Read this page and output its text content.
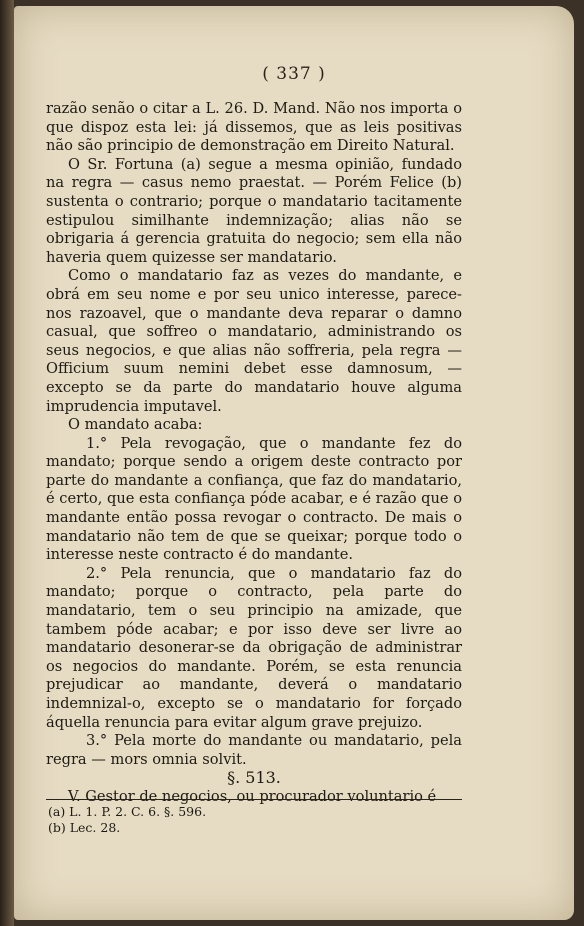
( 337 )

razão senão o citar a L. 26. D. Mand. Não nos importa o que dispoz esta lei: já dissemos, que as leis positivas não são principio de demonstração em Direito Natural.

O Sr. Fortuna (a) segue a mesma opinião, fundado na regra — casus nemo praestat. — Porém Felice (b) sustenta o contrario; porque o mandatario tacitamente estipulou similhante indemnização; alias não se obrigaria á gerencia gratuita do negocio; sem ella não haveria quem quizesse ser mandatario.

Como o mandatario faz as vezes do mandante, e obrá em seu nome e por seu unico interesse, parece-nos razoavel, que o mandante deva reparar o damno casual, que soffreo o mandatario, administrando os seus negocios, e que alias não soffreria, pela regra — Officium suum nemini debet esse damnosum, — excepto se da parte do mandatario houve alguma imprudencia imputavel.

O mandato acaba:

1.° Pela revogação, que o mandante fez do mandato; porque sendo a origem deste contracto por parte do mandante a confiança, que faz do mandatario, é certo, que esta confiança póde acabar, e é razão que o mandante então possa revogar o contracto. De mais o mandatario não tem de que se queixar; porque todo o interesse neste contracto é do mandante.

2.° Pela renuncia, que o mandatario faz do mandato; porque o contracto, pela parte do mandatario, tem o seu principio na amizade, que tambem póde acabar; e por isso deve ser livre ao mandatario desonerar-se da obrigação de administrar os negocios do mandante. Porém, se esta renuncia prejudicar ao mandante, deverá o mandatario indemnizal-o, excepto se o mandatario for forçado áquella renuncia para evitar algum grave prejuizo.

3.° Pela morte do mandante ou mandatario, pela regra — mors omnia solvit.

§. 513.

V. Gestor de negocios, ou procurador voluntario é

(a) L. 1. P. 2. C. 6. §. 596.
(b) Lec. 28.
